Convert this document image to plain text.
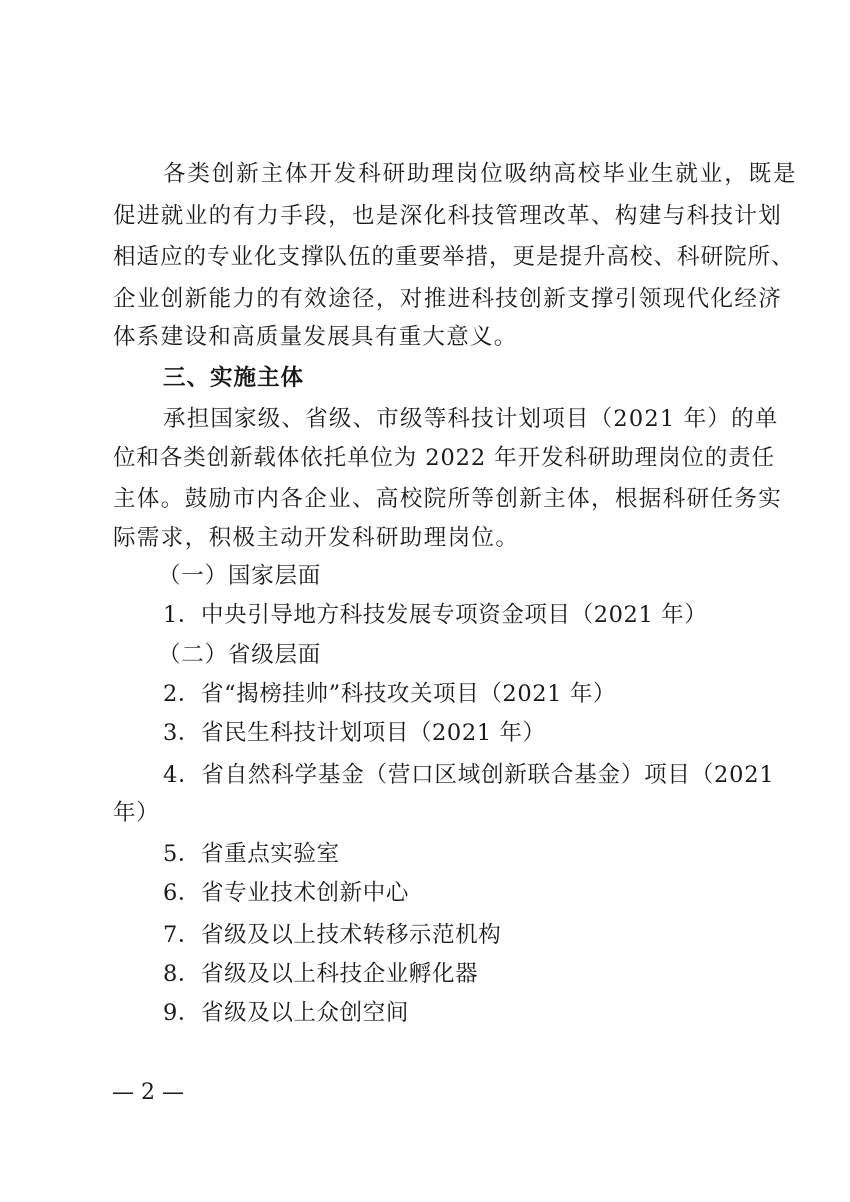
各类创新主体开发科研助理岗位吸纳高校毕业生就业，既是
促进就业的有力手段，也是深化科技管理改革、构建与科技计划
相适应的专业化支撑队伍的重要举措，更是提升高校、科研院所、
企业创新能力的有效途径，对推进科技创新支撑引领现代化经济
体系建设和高质量发展具有重大意义。
三、实施主体
承担国家级、省级、市级等科技计划项目（2021 年）的单
位和各类创新载体依托单位为 2022 年开发科研助理岗位的责任
主体。鼓励市内各企业、高校院所等创新主体，根据科研任务实
际需求，积极主动开发科研助理岗位。
（一）国家层面
1．中央引导地方科技发展专项资金项目（2021 年）
（二）省级层面
2．省“揭榜挂帅”科技攻关项目（2021 年）
3．省民生科技计划项目（2021 年）
4．省自然科学基金（营口区域创新联合基金）项目（2021
年）
5．省重点实验室
6．省专业技术创新中心
7．省级及以上技术转移示范机构
8．省级及以上科技企业孵化器
9．省级及以上众创空间
— 2 —
